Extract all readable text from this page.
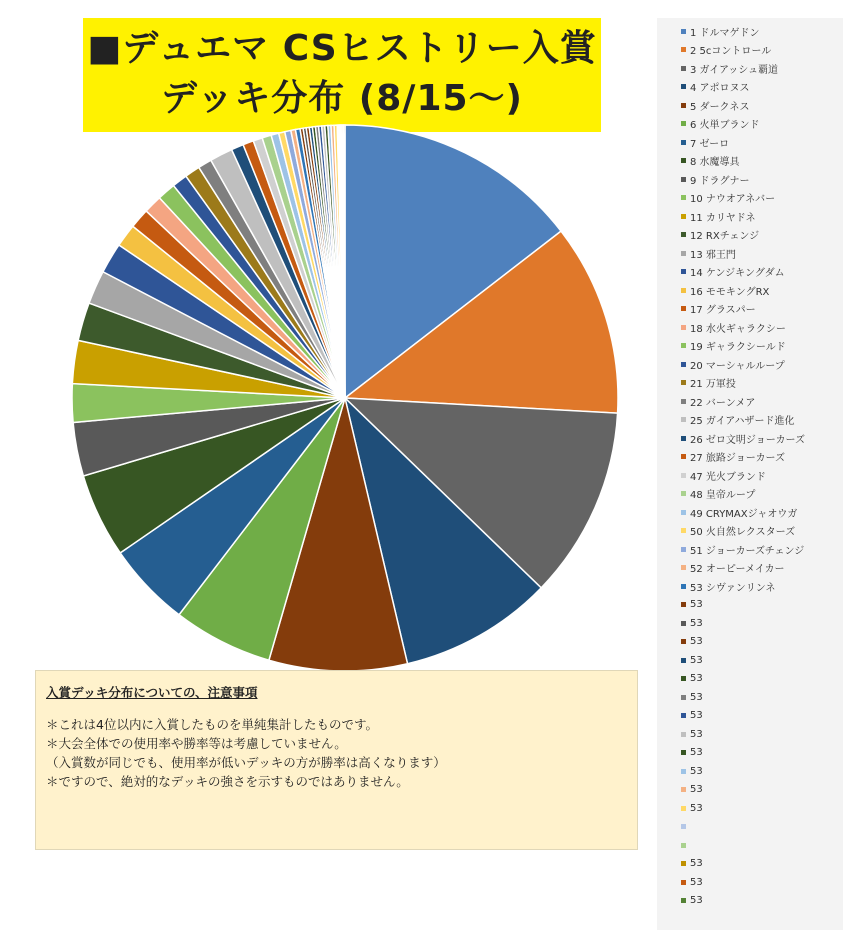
■デュエマ CSヒストリー入賞
デッキ分布 (8/15〜)
1 ドルマゲドン
2 5cコントロール
3 ガイアッシュ覇道
4 アポロヌス
5 ダークネス
6 火単ブランド
7 ゼーロ
8 水魔導具
9 ドラグナー
10 ナウオアネバー
11 カリヤドネ
12 RXチェンジ
13 邪王門
14 ケンジキングダム
16 モモキングRX
17 グラスパー
18 水火ギャラクシー
19 ギャラクシールド
20 マーシャルループ
21 万軍投
22 バーンメア
25 ガイアハザード進化
26 ゼロ文明ジョーカーズ
27 旅路ジョーカーズ
47 光火ブランド
48 皇帝ループ
49 CRYMAXジャオウガ
50 火自然レクスターズ
51 ジョーカーズチェンジ
52 オーピーメイカー
53 シヴァンリンネ
53
53
53
53
53
53
53
53
53
53
53
53
53
53
53
入賞デッキ分布についての、注意事項
＊これは4位以内に入賞したものを単純集計したものです。
＊大会全体での使用率や勝率等は考慮していません。
（入賞数が同じでも、使用率が低いデッキの方が勝率は高くなります）
＊ですので、絶対的なデッキの強さを示すものではありません。
